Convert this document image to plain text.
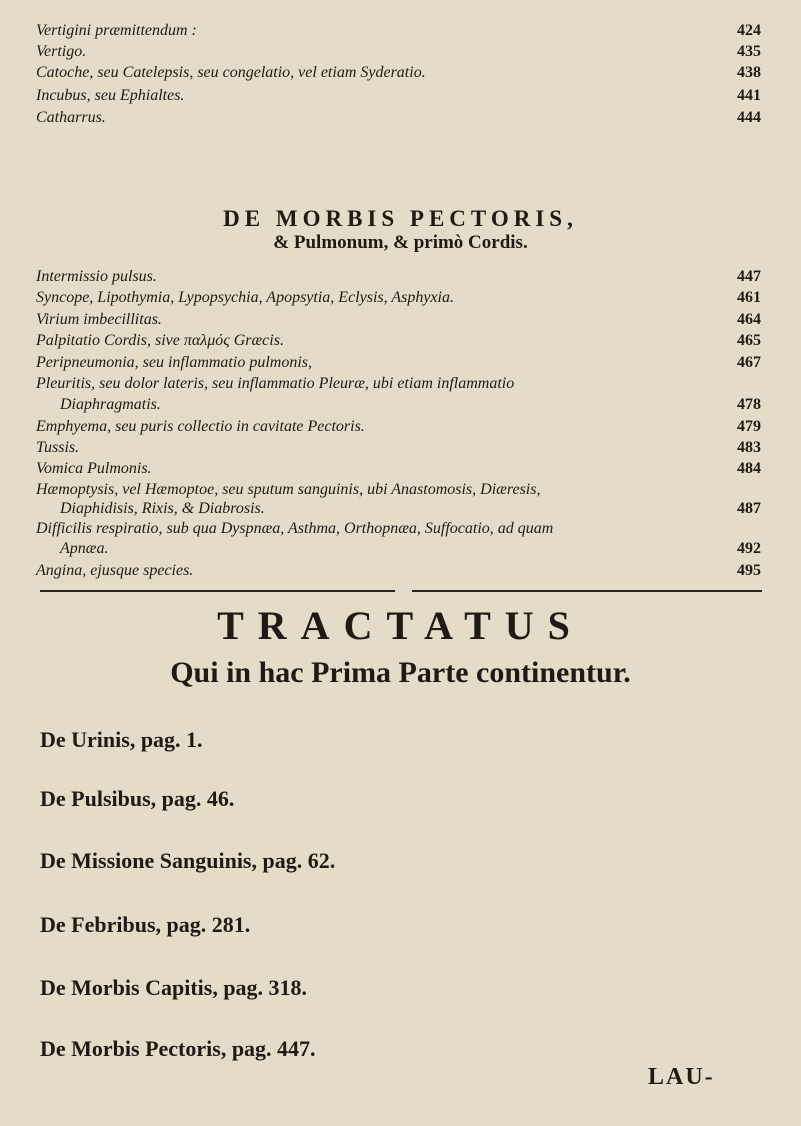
Vertigini præmittendum :	424
Vertigo.	435
Catoche, seu Catelepsis, seu congelatio, vel etiam Syderatio.	438
Incubus, seu Ephialtes.	441
Catharrus.	444
DE MORBIS PECTORIS,
& Pulmonum, & primò Cordis.
Intermissio pulsus.	447
Syncope, Lipothymia, Lypopsychia, Apopsytia, Eclysis, Asphyxia.	461
Virium imbecillitas.	464
Palpitatio Cordis, sive παλμός Græcis.	465
Peripneumonia, seu inflammatio pulmonis,	467
Pleuritis, seu dolor lateris, seu inflammatio Pleuræ, ubi etiam inflammatio
Diaphragmatis.	478
Emphyema, seu puris collectio in cavitate Pectoris.	479
Tussis.	483
Vomica Pulmonis.	484
Hæmoptysis, vel Hæmoptoe, seu sputum sanguinis, ubi Anastomosis, Diæresis,
Diaphidisis, Rixis, & Diabrosis.	487
Difficilis respiratio, sub qua Dyspnæa, Asthma, Orthopnæa, Suffocatio, ad quam
Apnæa.	492
Angina, ejusque species.	495
TRACTATUS
Qui in hac Prima Parte continentur.
De Urinis, pag. 1.
De Pulsibus, pag. 46.
De Missione Sanguinis, pag. 62.
De Febribus, pag. 281.
De Morbis Capitis, pag. 318.
De Morbis Pectoris, pag. 447.
LAU-
